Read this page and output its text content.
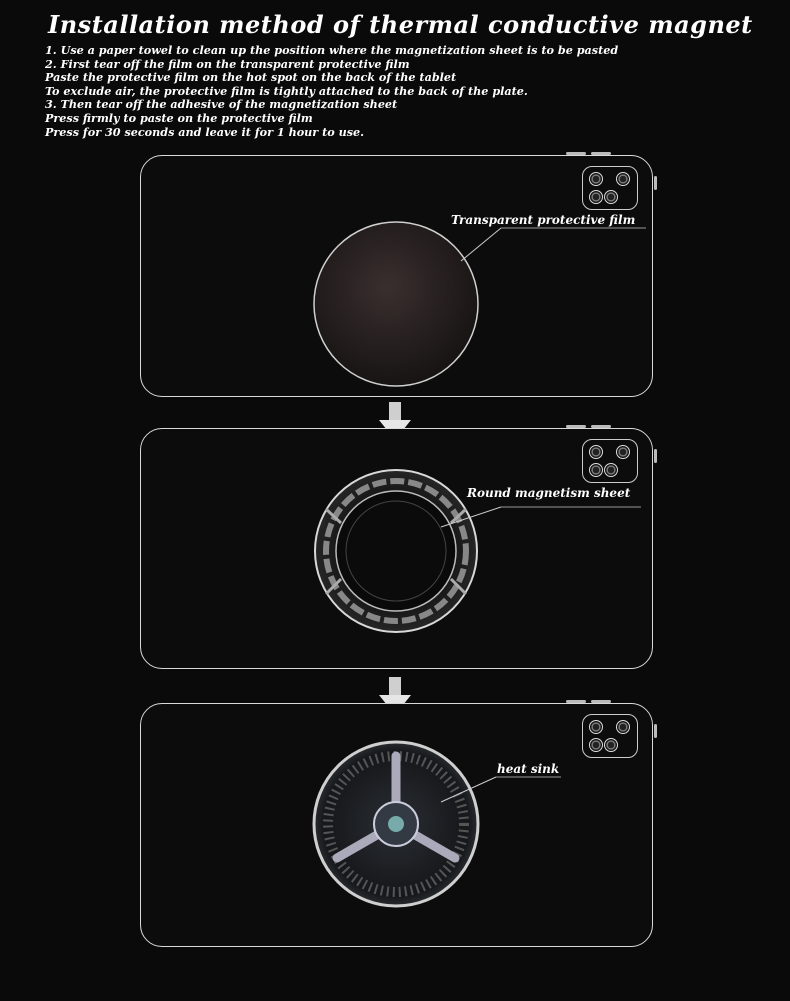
Installation method of thermal conductive magnet
1. Use a paper towel to clean up the position where the magnetization sheet is to be pasted
2. First tear off the film on the transparent protective film
Paste the protective film on the hot spot on the back of the tablet
To exclude air, the protective film is tightly attached to the back of the plate.
3. Then tear off the adhesive of the magnetization sheet
Press firmly to paste on the protective film
Press for 30 seconds and leave it for 1 hour to use.
Transparent protective film
Round magnetism sheet
heat sink
